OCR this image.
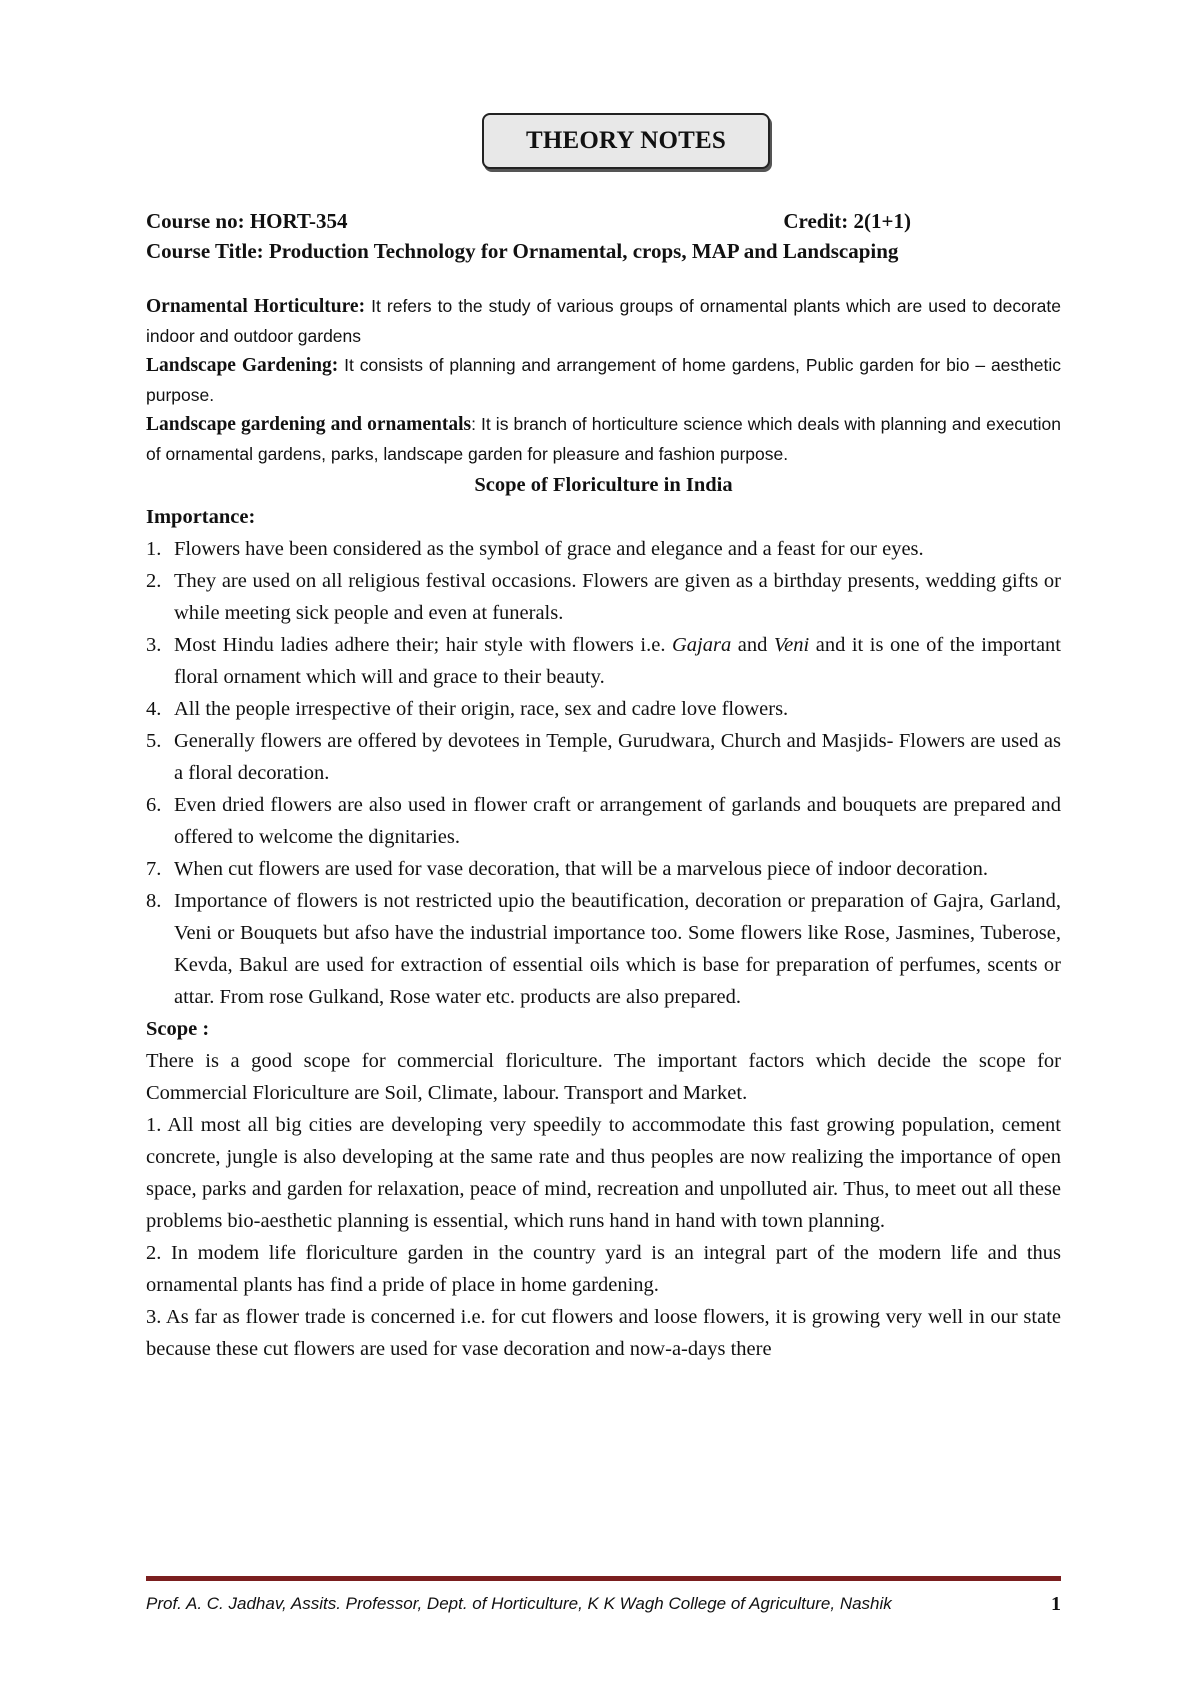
THEORY NOTES
Course no: HORT-354	Credit: 2(1+1)
Course Title: Production Technology for Ornamental, crops, MAP and Landscaping

Ornamental Horticulture: It refers to the study of various groups of ornamental plants which are used to decorate indoor and outdoor gardens

Landscape Gardening: It consists of planning and arrangement of home gardens, Public garden for bio – aesthetic purpose.

Landscape gardening and ornamentals: It is branch of horticulture science which deals with planning and execution of ornamental gardens, parks, landscape garden for pleasure and fashion purpose.

Scope of Floriculture in India
Importance:
1. Flowers have been considered as the symbol of grace and elegance and a feast for our eyes.
2. They are used on all religious festival occasions. Flowers are given as a birthday presents, wedding gifts or while meeting sick people and even at funerals.
3. Most Hindu ladies adhere their; hair style with flowers i.e. Gajara and Veni and it is one of the important floral ornament which will and grace to their beauty.
4. All the people irrespective of their origin, race, sex and cadre love flowers.
5. Generally flowers are offered by devotees in Temple, Gurudwara, Church and Masjids- Flowers are used as a floral decoration.
6. Even dried flowers are also used in flower craft or arrangement of garlands and bouquets are prepared and offered to welcome the dignitaries.
7. When cut flowers are used for vase decoration, that will be a marvelous piece of indoor decoration.
8. Importance of flowers is not restricted upio the beautification, decoration or preparation of Gajra, Garland, Veni or Bouquets but afso have the industrial importance too. Some flowers like Rose, Jasmines, Tuberose, Kevda, Bakul are used for extraction of essential oils which is base for preparation of perfumes, scents or attar. From rose Gulkand, Rose water etc. products are also prepared.
Scope :

There is a good scope for commercial floriculture. The important factors which decide the scope for Commercial Floriculture are Soil, Climate, labour. Transport and Market.

1. All most all big cities are developing very speedily to accommodate this fast growing population, cement concrete, jungle is also developing at the same rate and thus peoples are now realizing the importance of open space, parks and garden for relaxation, peace of mind, recreation and unpolluted air. Thus, to meet out all these problems bio-aesthetic planning is essential, which runs hand in hand with town planning.

2. In modem life floriculture garden in the country yard is an integral part of the modern life and thus ornamental plants has find a pride of place in home gardening.

3. As far as flower trade is concerned i.e. for cut flowers and loose flowers, it is growing very well in our state because these cut flowers are used for vase decoration and now-a-days there

Prof. A. C. Jadhav, Assits. Professor, Dept. of Horticulture, K K Wagh College of Agriculture, Nashik	1
